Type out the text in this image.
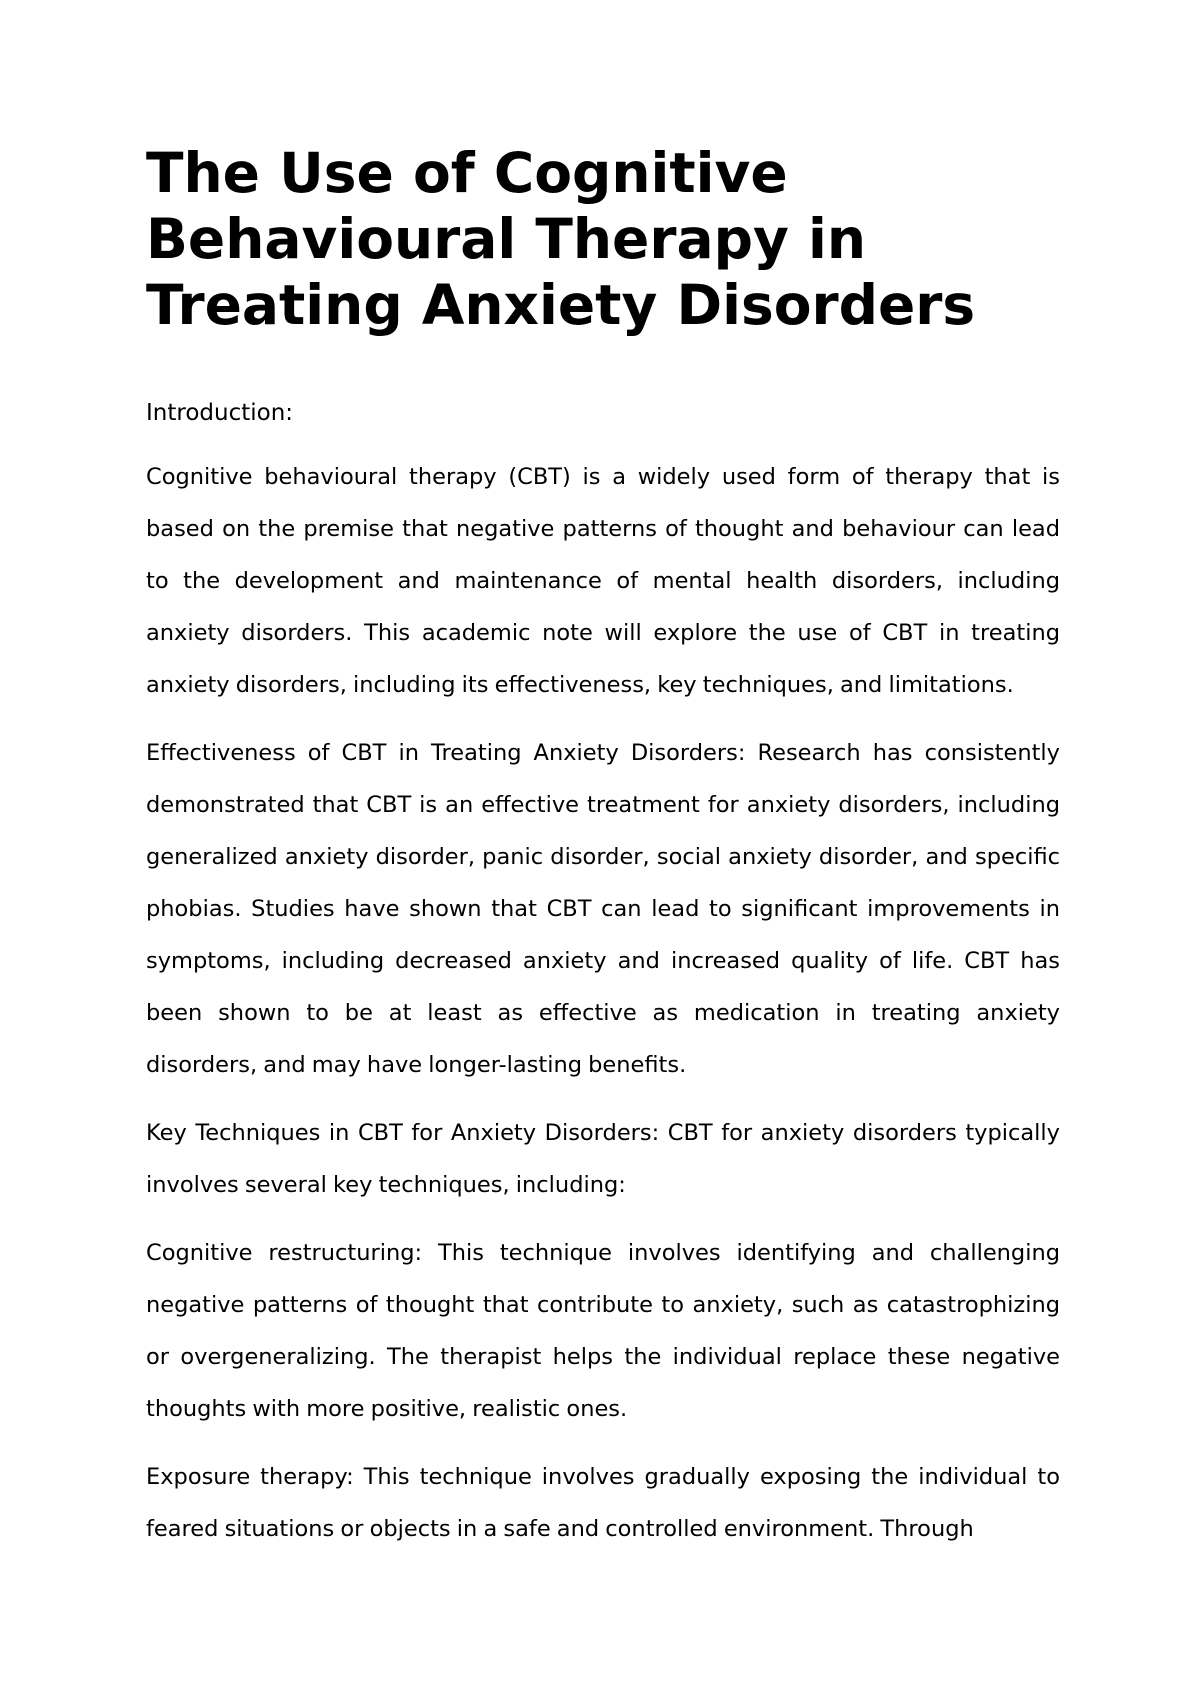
The Use of Cognitive
Behavioural Therapy in
Treating Anxiety Disorders

Introduction:

Cognitive behavioural therapy (CBT) is a widely used form of therapy that is based on the premise that negative patterns of thought and behaviour can lead to the development and maintenance of mental health disorders, including anxiety disorders. This academic note will explore the use of CBT in treating anxiety disorders, including its effectiveness, key techniques, and limitations.

Effectiveness of CBT in Treating Anxiety Disorders: Research has consistently demonstrated that CBT is an effective treatment for anxiety disorders, including generalized anxiety disorder, panic disorder, social anxiety disorder, and specific phobias. Studies have shown that CBT can lead to significant improvements in symptoms, including decreased anxiety and increased quality of life. CBT has been shown to be at least as effective as medication in treating anxiety disorders, and may have longer-lasting benefits.

Key Techniques in CBT for Anxiety Disorders: CBT for anxiety disorders typically involves several key techniques, including:

Cognitive restructuring: This technique involves identifying and challenging negative patterns of thought that contribute to anxiety, such as catastrophizing or overgeneralizing. The therapist helps the individual replace these negative thoughts with more positive, realistic ones.

Exposure therapy: This technique involves gradually exposing the individual to feared situations or objects in a safe and controlled environment. Through
